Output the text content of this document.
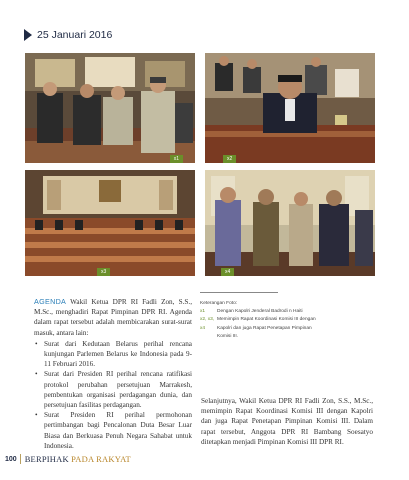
25 Januari 2016
x1	x2
x3	x4

AGENDA Wakil Ketua DPR RI Fadli Zon, S.S., M.Sc., menghadiri Rapat Pimpinan DPR RI. Agenda dalam rapat tersebut adalah membicarakan surat-surat masuk, antara lain:

• Surat dari Kedutaan Belarus perihal rencana kunjungan Parlemen Belarus ke Indonesia pada 9-11 Februari 2016.
• Surat dari Presiden RI perihal rencana ratifikasi protokol perubahan persetujuan Marrakesh, pembentukan organisasi perdagangan dunia, dan persetujuan fasilitas perdagangan.
• Surat Presiden RI perihal permohonan pertimbangan bagi Pencalonan Duta Besar Luar Biasa dan Berkuasa Penuh Negara Sahabat untuk Indonesia.
Keterangan Foto:
x1	Dengan Kapolri Jenderal Badrodi n Haiti
x2, x3, x4
Memimpin Rapat Koordinasi Komisi III dengan Kapolri dan juga Rapat Penetapan Pimpinan Komisi III.

Selanjutnya, Wakil Ketua DPR RI Fadli Zon, S.S., M.Sc., memimpin Rapat Koordinasi Komisi III dengan Kapolri dan juga Rapat Penetapan Pimpinan Komisi III. Dalam rapat tersebut, Anggota DPR RI Bambang Soesatyo ditetapkan menjadi Pimpinan Komisi III DPR RI.

100 BERPIHAK PADA RAKYAT
